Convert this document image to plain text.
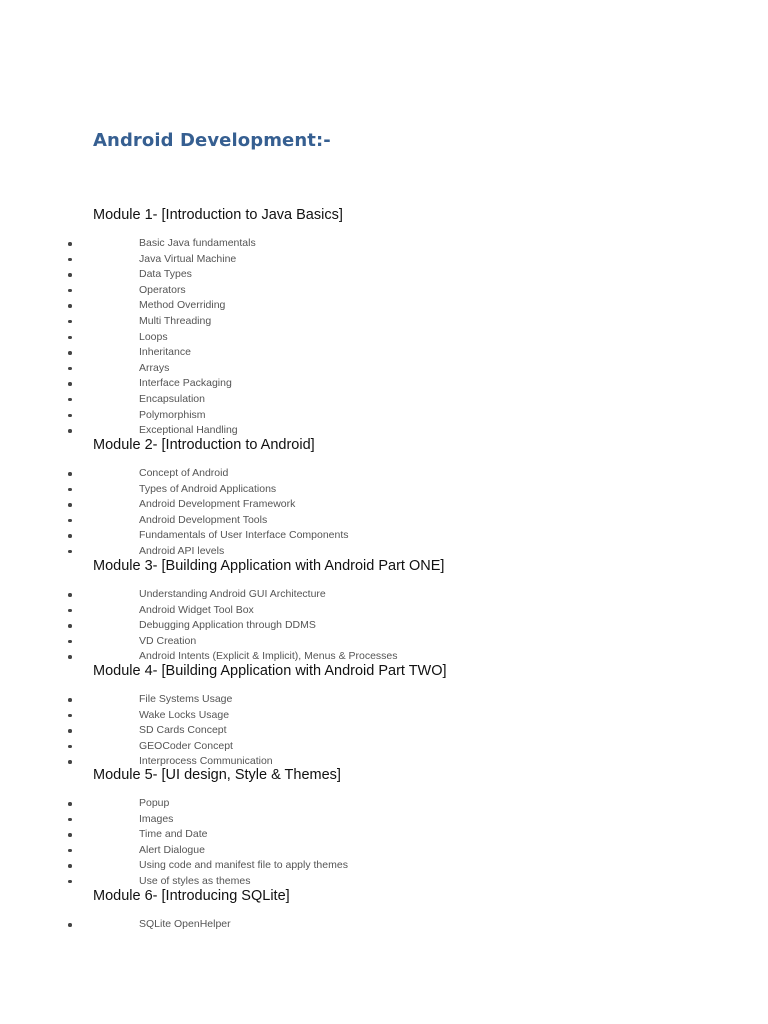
Android Development:-
Module 1- [Introduction to Java Basics]
Basic Java fundamentals
Java Virtual Machine
Data Types
Operators
Method Overriding
Multi Threading
Loops
Inheritance
Arrays
Interface Packaging
Encapsulation
Polymorphism
Exceptional Handling
Module 2- [Introduction to Android]
Concept of Android
Types of Android Applications
Android Development Framework
Android Development Tools
Fundamentals of User Interface Components
Android API levels
Module 3- [Building Application with Android Part ONE]
Understanding Android GUI Architecture
Android Widget Tool Box
Debugging Application through DDMS
VD Creation
Android Intents (Explicit & Implicit), Menus & Processes
Module 4- [Building Application with Android Part TWO]
File Systems Usage
Wake Locks Usage
SD Cards Concept
GEOCoder Concept
Interprocess Communication
Module 5- [UI design, Style & Themes]
Popup
Images
Time and Date
Alert Dialogue
Using code and manifest file to apply themes
Use of styles as themes
Module 6- [Introducing SQLite]
SQLite OpenHelper
